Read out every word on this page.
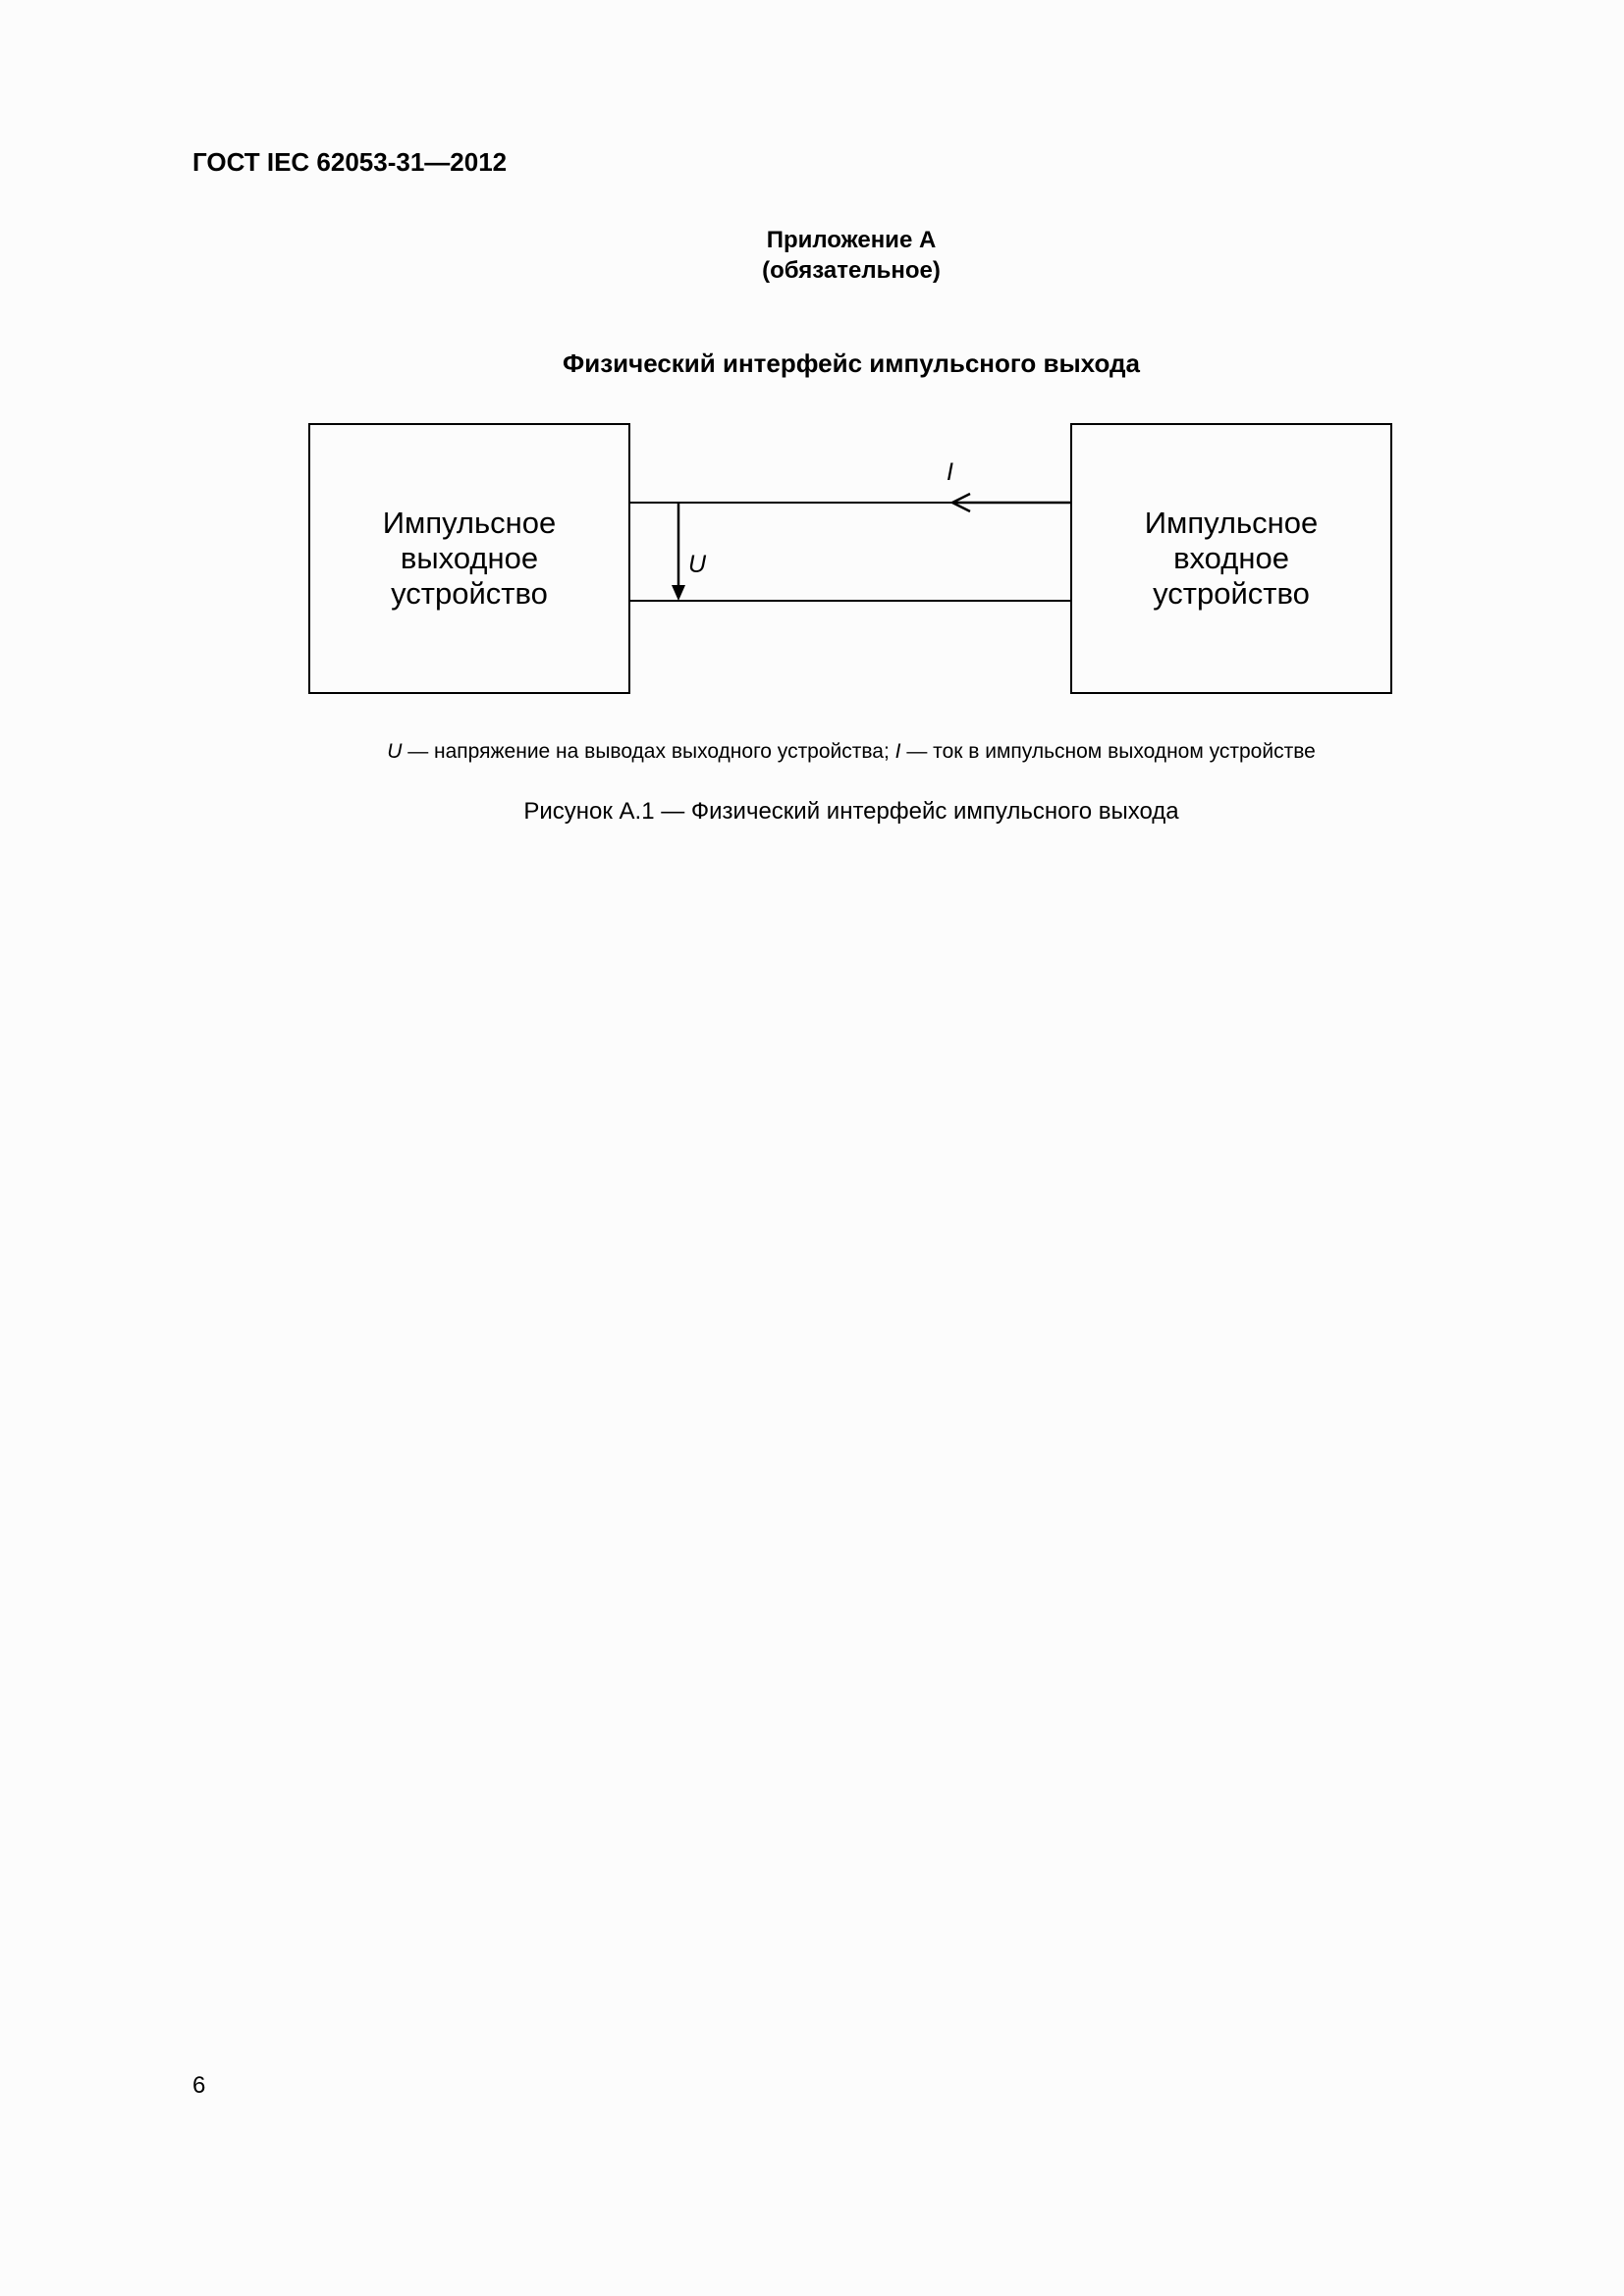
ГОСТ IEC 62053-31—2012
Приложение А
(обязательное)
Физический интерфейс импульсного выхода
I
U
Импульсное
выходное
устройство
Импульсное
входное
устройство
U — напряжение на выводах выходного устройства; I — ток в импульсном выходном устройстве
Рисунок А.1 — Физический интерфейс импульсного выхода
6
